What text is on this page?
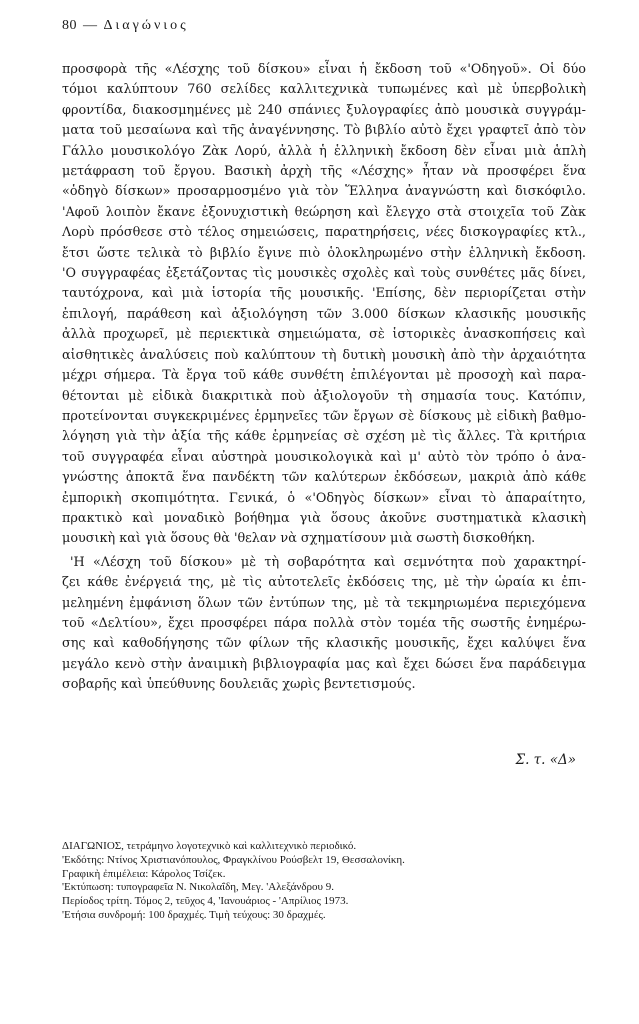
80 — Διαγώνιος

προσφορὰ τῆς «Λέσχης τοῦ δίσκου» εἶναι ἡ ἔκδοση τοῦ «'Οδηγοῦ». Οἱ δύο
τόμοι καλύπτουν 760 σελίδες καλλιτεχνικὰ τυπωμένες καὶ μὲ ὑπερβολικὴ
φροντίδα, διακοσμημένες μὲ 240 σπάνιες ξυλογραφίες ἀπὸ μουσικὰ συγγράμ-
ματα τοῦ μεσαίωνα καὶ τῆς ἀναγέννησης. Τὸ βιβλίο αὐτὸ ἔχει γραφτεῖ ἀπὸ τὸν
Γάλλο μουσικολόγο Ζὰκ Λορύ, ἀλλὰ ἡ ἑλληνικὴ ἔκδοση δὲν εἶναι μιὰ ἁπλὴ
μετάφραση τοῦ ἔργου. Βασικὴ ἀρχὴ τῆς «Λέσχης» ἦταν νὰ προσφέρει ἕνα
«ὁδηγὸ δίσκων» προσαρμοσμένο γιὰ τὸν Ἕλληνα ἀναγνώστη καὶ δισκόφιλο.
'Αφοῦ λοιπὸν ἔκανε ἐξονυχιστικὴ θεώρηση καὶ ἔλεγχο στὰ στοιχεῖα τοῦ Ζὰκ
Λορὺ πρόσθεσε στὸ τέλος σημειώσεις, παρατηρήσεις, νέες δισκογραφίες κτλ.,
ἔτσι ὥστε τελικὰ τὸ βιβλίο ἔγινε πιὸ ὁλοκληρωμένο στὴν ἑλληνικὴ ἔκδοση.
'Ο συγγραφέας ἐξετάζοντας τὶς μουσικὲς σχολὲς καὶ τοὺς συνθέτες μᾶς δίνει,
ταυτόχρονα, καὶ μιὰ ἱστορία τῆς μουσικῆς. 'Επίσης, δὲν περιορίζεται στὴν
ἐπιλογή, παράθεση καὶ ἀξιολόγηση τῶν 3.000 δίσκων κλασικῆς μουσικῆς
ἀλλὰ προχωρεῖ, μὲ περιεκτικὰ σημειώματα, σὲ ἱστορικὲς ἀνασκοπήσεις καὶ
αἰσθητικὲς ἀναλύσεις ποὺ καλύπτουν τὴ δυτικὴ μουσικὴ ἀπὸ τὴν ἀρχαιότητα
μέχρι σήμερα. Τὰ ἔργα τοῦ κάθε συνθέτη ἐπιλέγονται μὲ προσοχὴ καὶ παρα-
θέτονται μὲ εἰδικὰ διακριτικὰ ποὺ ἀξιολογοῦν τὴ σημασία τους. Κατόπιν,
προτείνονται συγκεκριμένες ἑρμηνεῖες τῶν ἔργων σὲ δίσκους μὲ εἰδικὴ βαθμο-
λόγηση γιὰ τὴν ἀξία τῆς κάθε ἑρμηνείας σὲ σχέση μὲ τὶς ἄλλες. Τὰ κριτήρια
τοῦ συγγραφέα εἶναι αὐστηρὰ μουσικολογικὰ καὶ μ' αὐτὸ τὸν τρόπο ὁ ἀνα-
γνώστης ἀποκτᾶ ἕνα πανδέκτη τῶν καλύτερων ἐκδόσεων, μακριὰ ἀπὸ κάθε
ἐμπορικὴ σκοπιμότητα. Γενικά, ὁ «'Οδηγὸς δίσκων» εἶναι τὸ ἀπαραίτητο,
πρακτικὸ καὶ μοναδικὸ βοήθημα γιὰ ὅσους ἀκοῦνε συστηματικὰ κλασικὴ
μουσικὴ καὶ γιὰ ὅσους θὰ 'θελαν νὰ σχηματίσουν μιὰ σωστὴ δισκοθήκη.

'Η «Λέσχη τοῦ δίσκου» μὲ τὴ σοβαρότητα καὶ σεμνότητα ποὺ χαρακτηρί-
ζει κάθε ἐνέργειά της, μὲ τὶς αὐτοτελεῖς ἐκδόσεις της, μὲ τὴν ὡραία κι ἐπι-
μελημένη ἐμφάνιση ὅλων τῶν ἐντύπων της, μὲ τὰ τεκμηριωμένα περιεχόμενα
τοῦ «Δελτίου», ἔχει προσφέρει πάρα πολλὰ στὸν τομέα τῆς σωστῆς ἐνημέρω-
σης καὶ καθοδήγησης τῶν φίλων τῆς κλασικῆς μουσικῆς, ἔχει καλύψει ἕνα
μεγάλο κενὸ στὴν ἀναιμικὴ βιβλιογραφία μας καὶ ἔχει δώσει ἕνα παράδειγμα
σοβαρῆς καὶ ὑπεύθυνης δουλειᾶς χωρὶς βεντετισμούς.

Σ. τ. «Δ»
ΔΙΑΓΩΝΙΟΣ, τετράμηνο λογοτεχνικὸ καὶ καλλιτεχνικὸ περιοδικό.
'Εκδότης: Ντίνος Χριστιανόπουλος, Φραγκλίνου Ρούσβελτ 19, Θεσσαλονίκη.
Γραφικὴ ἐπιμέλεια: Κάρολος Τσίζεκ.
'Εκτύπωση: τυπογραφεῖα Ν. Νικολαΐδη, Μεγ. 'Αλεξάνδρου 9.
Περίοδος τρίτη. Τόμος 2, τεῦχος 4, 'Ιανουάριος - 'Απρίλιος 1973.
'Ετήσια συνδρομή: 100 δραχμές. Τιμὴ τεύχους: 30 δραχμές.
